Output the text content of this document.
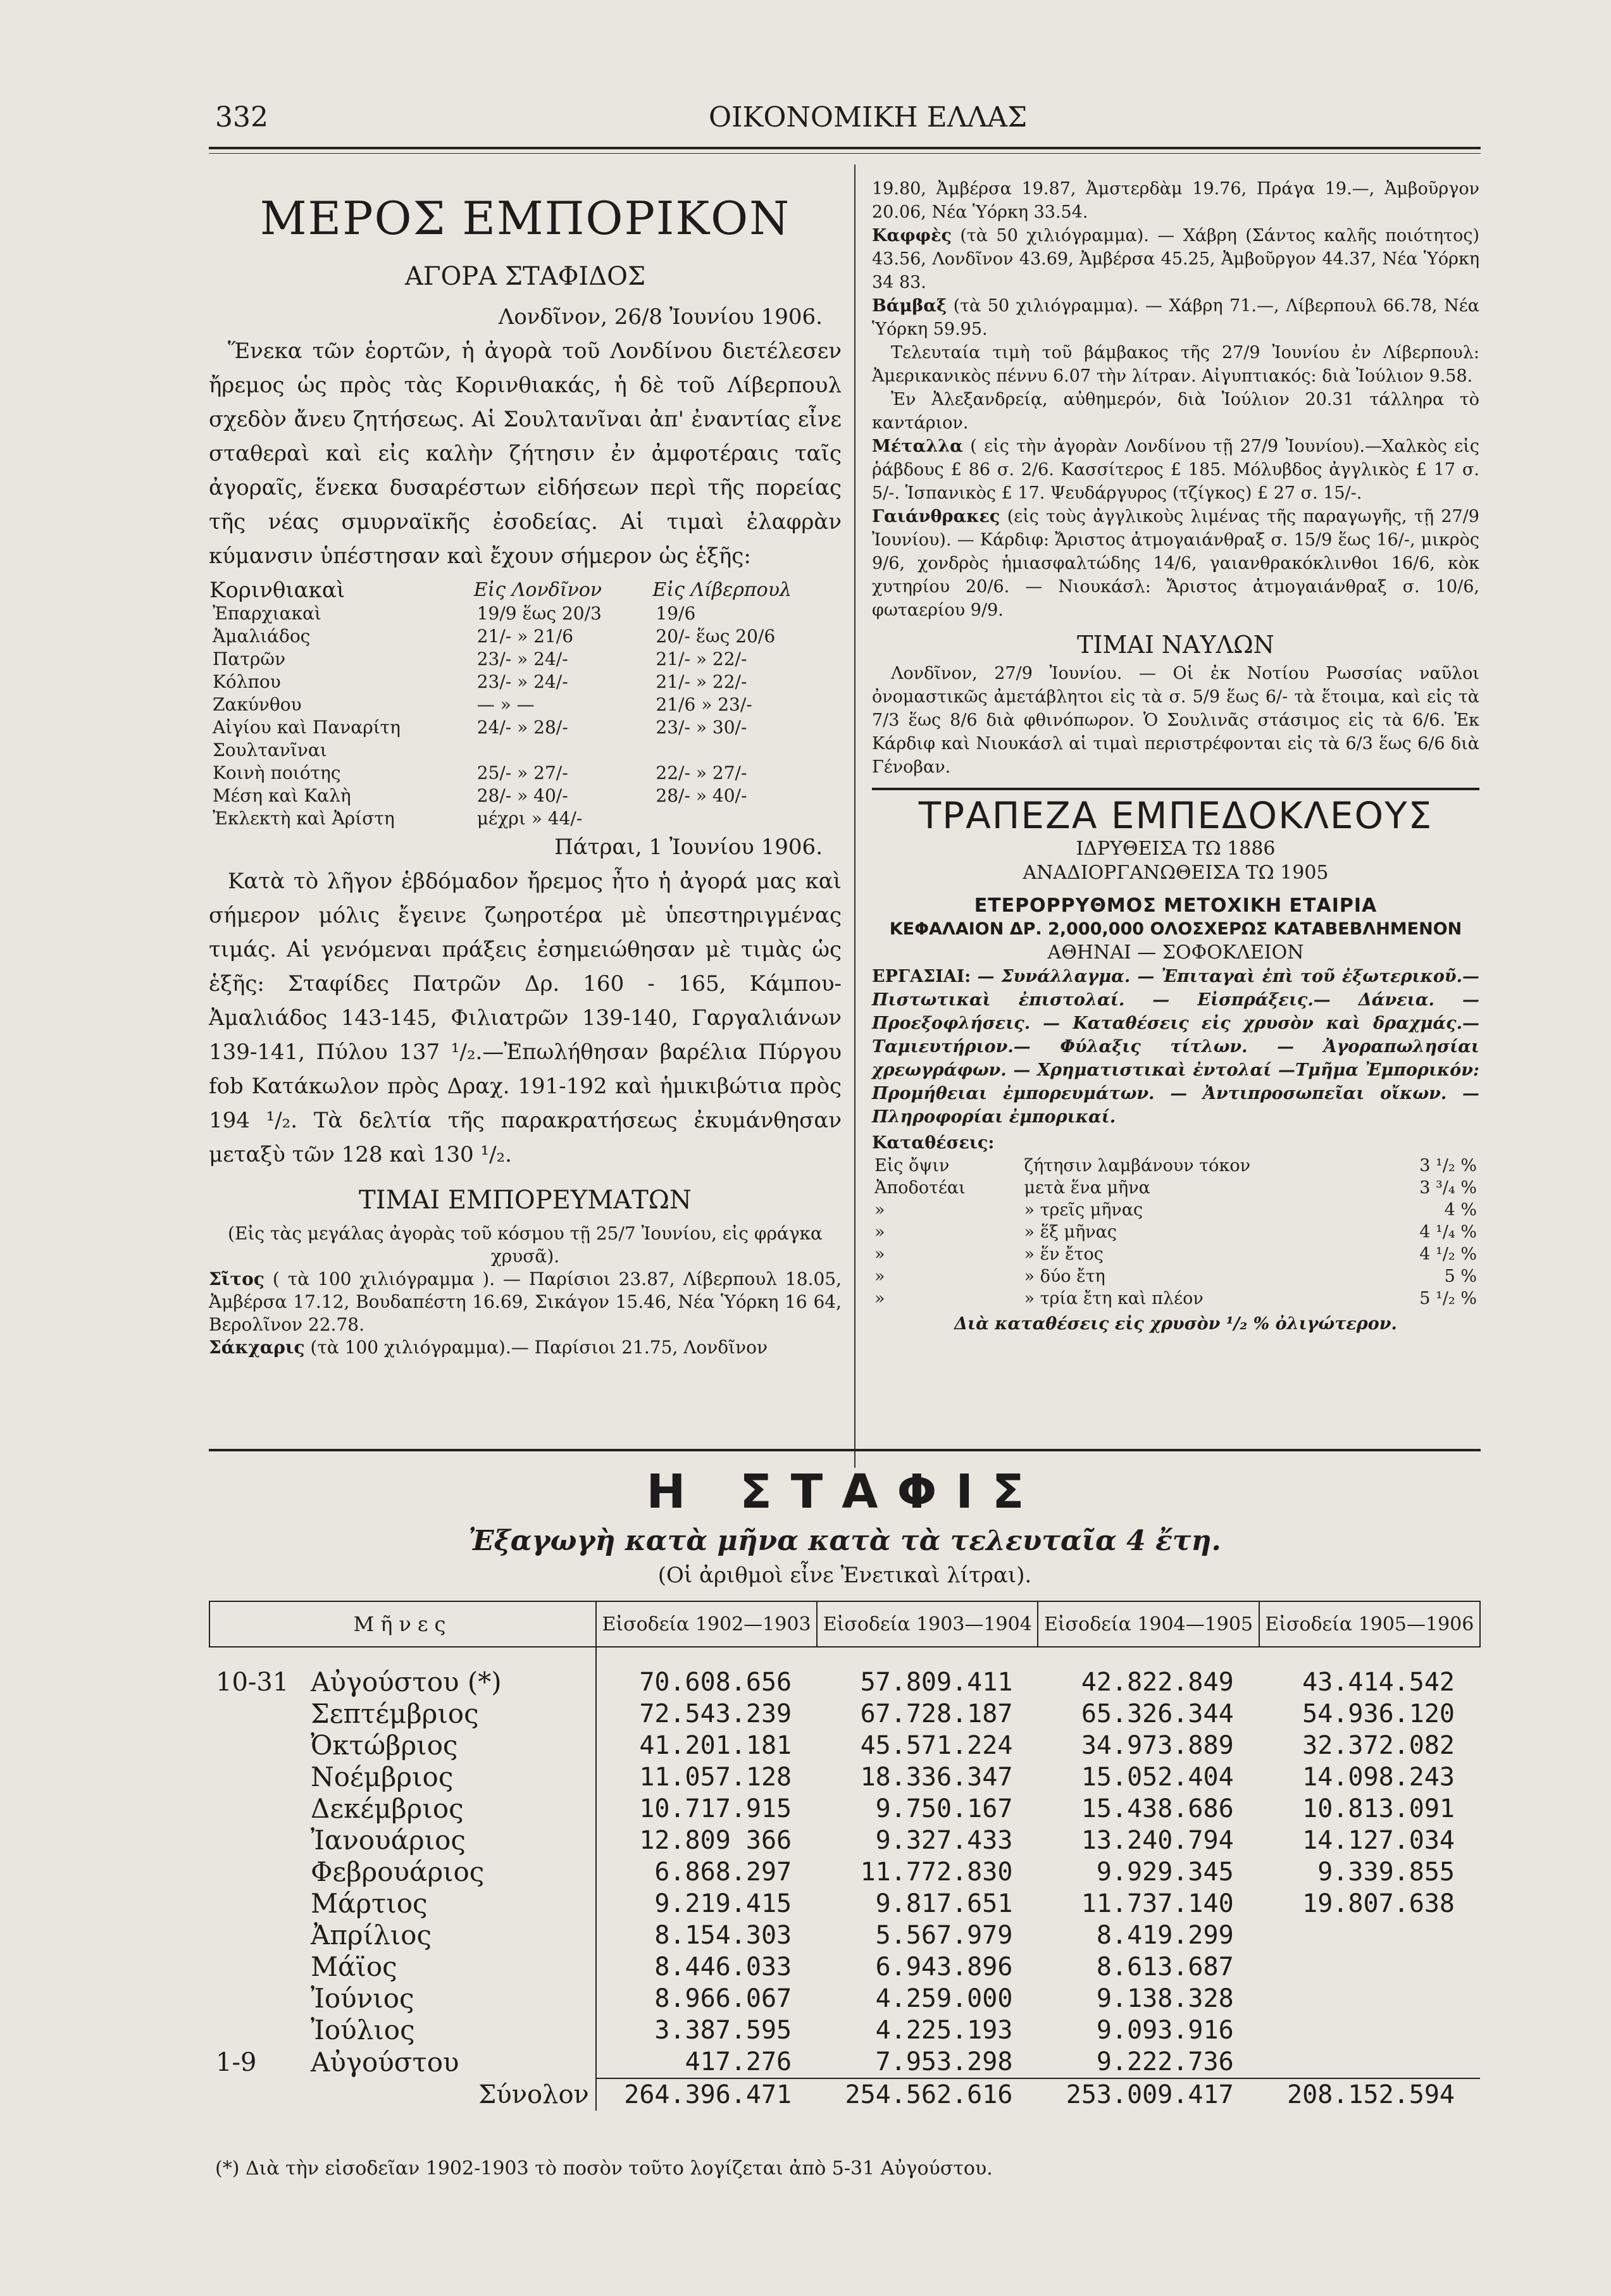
332	ΟΙΚΟΝΟΜΙΚΗ ΕΛΛΑΣ
ΜΕΡΟΣ ΕΜΠΟΡΙΚΟΝ
ΑΓΟΡΑ ΣΤΑΦΙΔΟΣ
Λονδῖνον, 26/8 Ἰουνίου 1906.

Ἕνεκα τῶν ἑορτῶν, ἡ ἀγορὰ τοῦ Λονδίνου διετέλεσεν ἤρεμος ὡς πρὸς τὰς Κορινθιακάς, ἡ δὲ τοῦ Λίβερπουλ σχεδὸν ἄνευ ζητήσεως. Αἱ Σουλτανῖναι ἀπ' ἐναντίας εἶνε σταθεραὶ καὶ εἰς καλὴν ζήτησιν ἐν ἀμφοτέραις ταῖς ἀγοραῖς, ἕνεκα δυσαρέστων εἰδήσεων περὶ τῆς πορείας τῆς νέας σμυρναϊκῆς ἐσοδείας. Αἱ τιμαὶ ἐλαφρὰν κύμανσιν ὑπέστησαν καὶ ἔχουν σήμερον ὡς ἑξῆς:

Κορινθιακαὶ	Εἰς Λονδῖνον	Εἰς Λίβερπουλ
Ἐπαρχιακαὶ	19/9 ἕως 20/3	19/6
Ἀμαλιάδος	21/- » 21/6	20/- ἕως 20/6
Πατρῶν	23/- » 24/-	21/- » 22/-
Κόλπου	23/- » 24/-	21/- » 22/-
Ζακύνθου	— » —	21/6 » 23/-
Αἰγίου καὶ Παναρίτη	24/- » 28/-	23/- » 30/-
Σουλτανῖναι		
Κοινὴ ποιότης	25/- » 27/-	22/- » 27/-
Μέση καὶ Καλὴ	28/- » 40/-	28/- » 40/-
Ἐκλεκτὴ καὶ Ἀρίστη	μέχρι » 44/-	
Πάτραι, 1 Ἰουνίου 1906.

Κατὰ τὸ λῆγον ἑβδόμαδον ἤρεμος ἦτο ἡ ἀγορά μας καὶ σήμερον μόλις ἔγεινε ζωηροτέρα μὲ ὑπεστηριγμένας τιμάς. Αἱ γενόμεναι πράξεις ἐσημειώθησαν μὲ τιμὰς ὡς ἑξῆς: Σταφίδες Πατρῶν Δρ. 160 - 165, Κάμπου-Ἀμαλιάδος 143-145, Φιλιατρῶν 139-140, Γαργαλιάνων 139-141, Πύλου 137 ¹/₂.—Ἐπωλήθησαν βαρέλια Πύργου fob Κατάκωλον πρὸς Δραχ. 191-192 καὶ ἡμικιβώτια πρὸς 194 ¹/₂. Τὰ δελτία τῆς παρακρατήσεως ἐκυμάνθησαν μεταξὺ τῶν 128 καὶ 130 ¹/₂.

ΤΙΜΑΙ ΕΜΠΟΡΕΥΜΑΤΩΝ
(Εἰς τὰς μεγάλας ἀγορὰς τοῦ κόσμου τῇ 25/7 Ἰουνίου, εἰς φράγκα χρυσᾶ).

Σῖτος ( τὰ 100 χιλιόγραμμα ). — Παρίσιοι 23.87, Λίβερπουλ 18.05, Ἀμβέρσα 17.12, Βουδαπέστη 16.69, Σικάγον 15.46, Νέα Ὑόρκη 16 64, Βερολῖνον 22.78.

Σάκχαρις (τὰ 100 χιλιόγραμμα).— Παρίσιοι 21.75, Λονδῖνον

19.80, Ἀμβέρσα 19.87, Ἀμστερδὰμ 19.76, Πράγα 19.—, Ἀμβοῦργον 20.06, Νέα Ὑόρκη 33.54.

Καφφὲς (τὰ 50 χιλιόγραμμα). — Χάβρη (Σάντος καλῆς ποιότητος) 43.56, Λονδῖνον 43.69, Ἀμβέρσα 45.25, Ἀμβοῦργον 44.37, Νέα Ὑόρκη 34 83.

Βάμβαξ (τὰ 50 χιλιόγραμμα). — Χάβρη 71.—, Λίβερπουλ 66.78, Νέα Ὑόρκη 59.95.

Τελευταία τιμὴ τοῦ βάμβακος τῆς 27/9 Ἰουνίου ἐν Λίβερπουλ: Ἀμερικανικὸς πέννυ 6.07 τὴν λίτραν. Αἰγυπτιακός: διὰ Ἰούλιον 9.58.

Ἐν Ἀλεξανδρείᾳ, αὐθημερόν, διὰ Ἰούλιον 20.31 τάλληρα τὸ καντάριον.

Μέταλλα ( εἰς τὴν ἀγορὰν Λονδίνου τῇ 27/9 Ἰουνίου).—Χαλκὸς εἰς ῥάβδους £ 86 σ. 2/6. Κασσίτερος £ 185. Μόλυβδος ἀγγλικὸς £ 17 σ. 5/-. Ἱσπανικὸς £ 17. Ψευδάργυρος (τζίγκος) £ 27 σ. 15/-.

Γαιάνθρακες (εἰς τοὺς ἀγγλικοὺς λιμένας τῆς παραγωγῆς, τῇ 27/9 Ἰουνίου). — Κάρδιφ: Ἄριστος ἀτμογαιάνθραξ σ. 15/9 ἕως 16/-, μικρὸς 9/6, χονδρὸς ἡμιασφαλτώδης 14/6, γαιανθρακόκλινθοι 16/6, κὸκ χυτηρίου 20/6. — Νιουκάσλ: Ἄριστος ἀτμογαιάνθραξ σ. 10/6, φωταερίου 9/9.

ΤΙΜΑΙ ΝΑΥΛΩΝ

Λονδῖνον, 27/9 Ἰουνίου. — Οἱ ἐκ Νοτίου Ρωσσίας ναῦλοι ὀνομαστικῶς ἀμετάβλητοι εἰς τὰ σ. 5/9 ἕως 6/- τὰ ἕτοιμα, καὶ εἰς τὰ 7/3 ἕως 8/6 διὰ φθινόπωρον. Ὁ Σουλινᾶς στάσιμος εἰς τὰ 6/6. Ἐκ Κάρδιφ καὶ Νιουκάσλ αἱ τιμαὶ περιστρέφονται εἰς τὰ 6/3 ἕως 6/6 διὰ Γένοβαν.

ΤΡΑΠΕΖΑ ΕΜΠΕΔΟΚΛΕΟΥΣ
ΙΔΡΥΘΕΙΣΑ ΤΩ 1886
ΑΝΑΔΙΟΡΓΑΝΩΘΕΙΣΑ ΤΩ 1905
ΕΤΕΡΟΡΡΥΘΜΟΣ ΜΕΤΟΧΙΚΗ ΕΤΑΙΡΙΑ
ΚΕΦΑΛΑΙΟΝ ΔΡ. 2,000,000 ΟΛΟΣΧΕΡΩΣ ΚΑΤΑΒΕΒΛΗΜΕΝΟΝ
ΑΘΗΝΑΙ — ΣΟΦΟΚΛΕΙΟΝ

ΕΡΓΑΣΙΑΙ: — Συνάλλαγμα. — Ἐπιταγαὶ ἐπὶ τοῦ ἐξωτερικοῦ.— Πιστωτικαὶ ἐπιστολαί. — Εἰσπράξεις.— Δάνεια. —Προεξοφλήσεις. — Καταθέσεις εἰς χρυσὸν καὶ δραχμάς.— Ταμιευτήριον.— Φύλαξις τίτλων. — Ἀγοραπωλησίαι χρεωγράφων. — Χρηματιστικαὶ ἐντολαί —Τμῆμα Ἐμπορικόν: Προμήθειαι ἐμπορευμάτων. — Ἀντιπροσωπεῖαι οἴκων. — Πληροφορίαι ἐμπορικαί.

Καταθέσεις:
Εἰς ὄψιν	ζήτησιν λαμβάνουν τόκον	3 ¹/₂ %
Ἀποδοτέαι	μετὰ ἕνα μῆνα	3 ³/₄ %
»	» τρεῖς μῆνας	4 %
»	» ἕξ μῆνας	4 ¹/₄ %
»	» ἕν ἔτος	4 ¹/₂ %
»	» δύο ἔτη	5 %
»	» τρία ἔτη καὶ πλέον	5 ¹/₂ %
Διὰ καταθέσεις εἰς χρυσὸν ¹/₂ % ὀλιγώτερον.
Η ΣΤΑΦΙΣ
Ἐξαγωγὴ κατὰ μῆνα κατὰ τὰ τελευταῖα 4 ἔτη.
(Οἱ ἀριθμοὶ εἶνε Ἐνετικαὶ λίτραι).
Μῆνες		Εἰσοδεία 1902—1903	Εἰσοδεία 1903—1904	Εἰσοδεία 1904—1905	Εἰσοδεία 1905—1906
10-31	Αὐγούστου (*)	70.608.656	57.809.411	42.822.849	43.414.542
	Σεπτέμβριος	72.543.239	67.728.187	65.326.344	54.936.120
	Ὀκτώβριος	41.201.181	45.571.224	34.973.889	32.372.082
	Νοέμβριος	11.057.128	18.336.347	15.052.404	14.098.243
	Δεκέμβριος	10.717.915	9.750.167	15.438.686	10.813.091
	Ἰανουάριος	12.809 366	9.327.433	13.240.794	14.127.034
	Φεβρουάριος	6.868.297	11.772.830	9.929.345	9.339.855
	Μάρτιος	9.219.415	9.817.651	11.737.140	19.807.638
	Ἀπρίλιος	8.154.303	5.567.979	8.419.299	
	Μάϊος	8.446.033	6.943.896	8.613.687	
	Ἰούνιος	8.966.067	4.259.000	9.138.328	
	Ἰούλιος	3.387.595	4.225.193	9.093.916	
1-9	Αὐγούστου	417.276	7.953.298	9.222.736	
Σύνολον		264.396.471	254.562.616	253.009.417	208.152.594
(*) Διὰ τὴν εἰσοδεῖαν 1902-1903 τὸ ποσὸν τοῦτο λογίζεται ἀπὸ 5-31 Αὐγούστου.
